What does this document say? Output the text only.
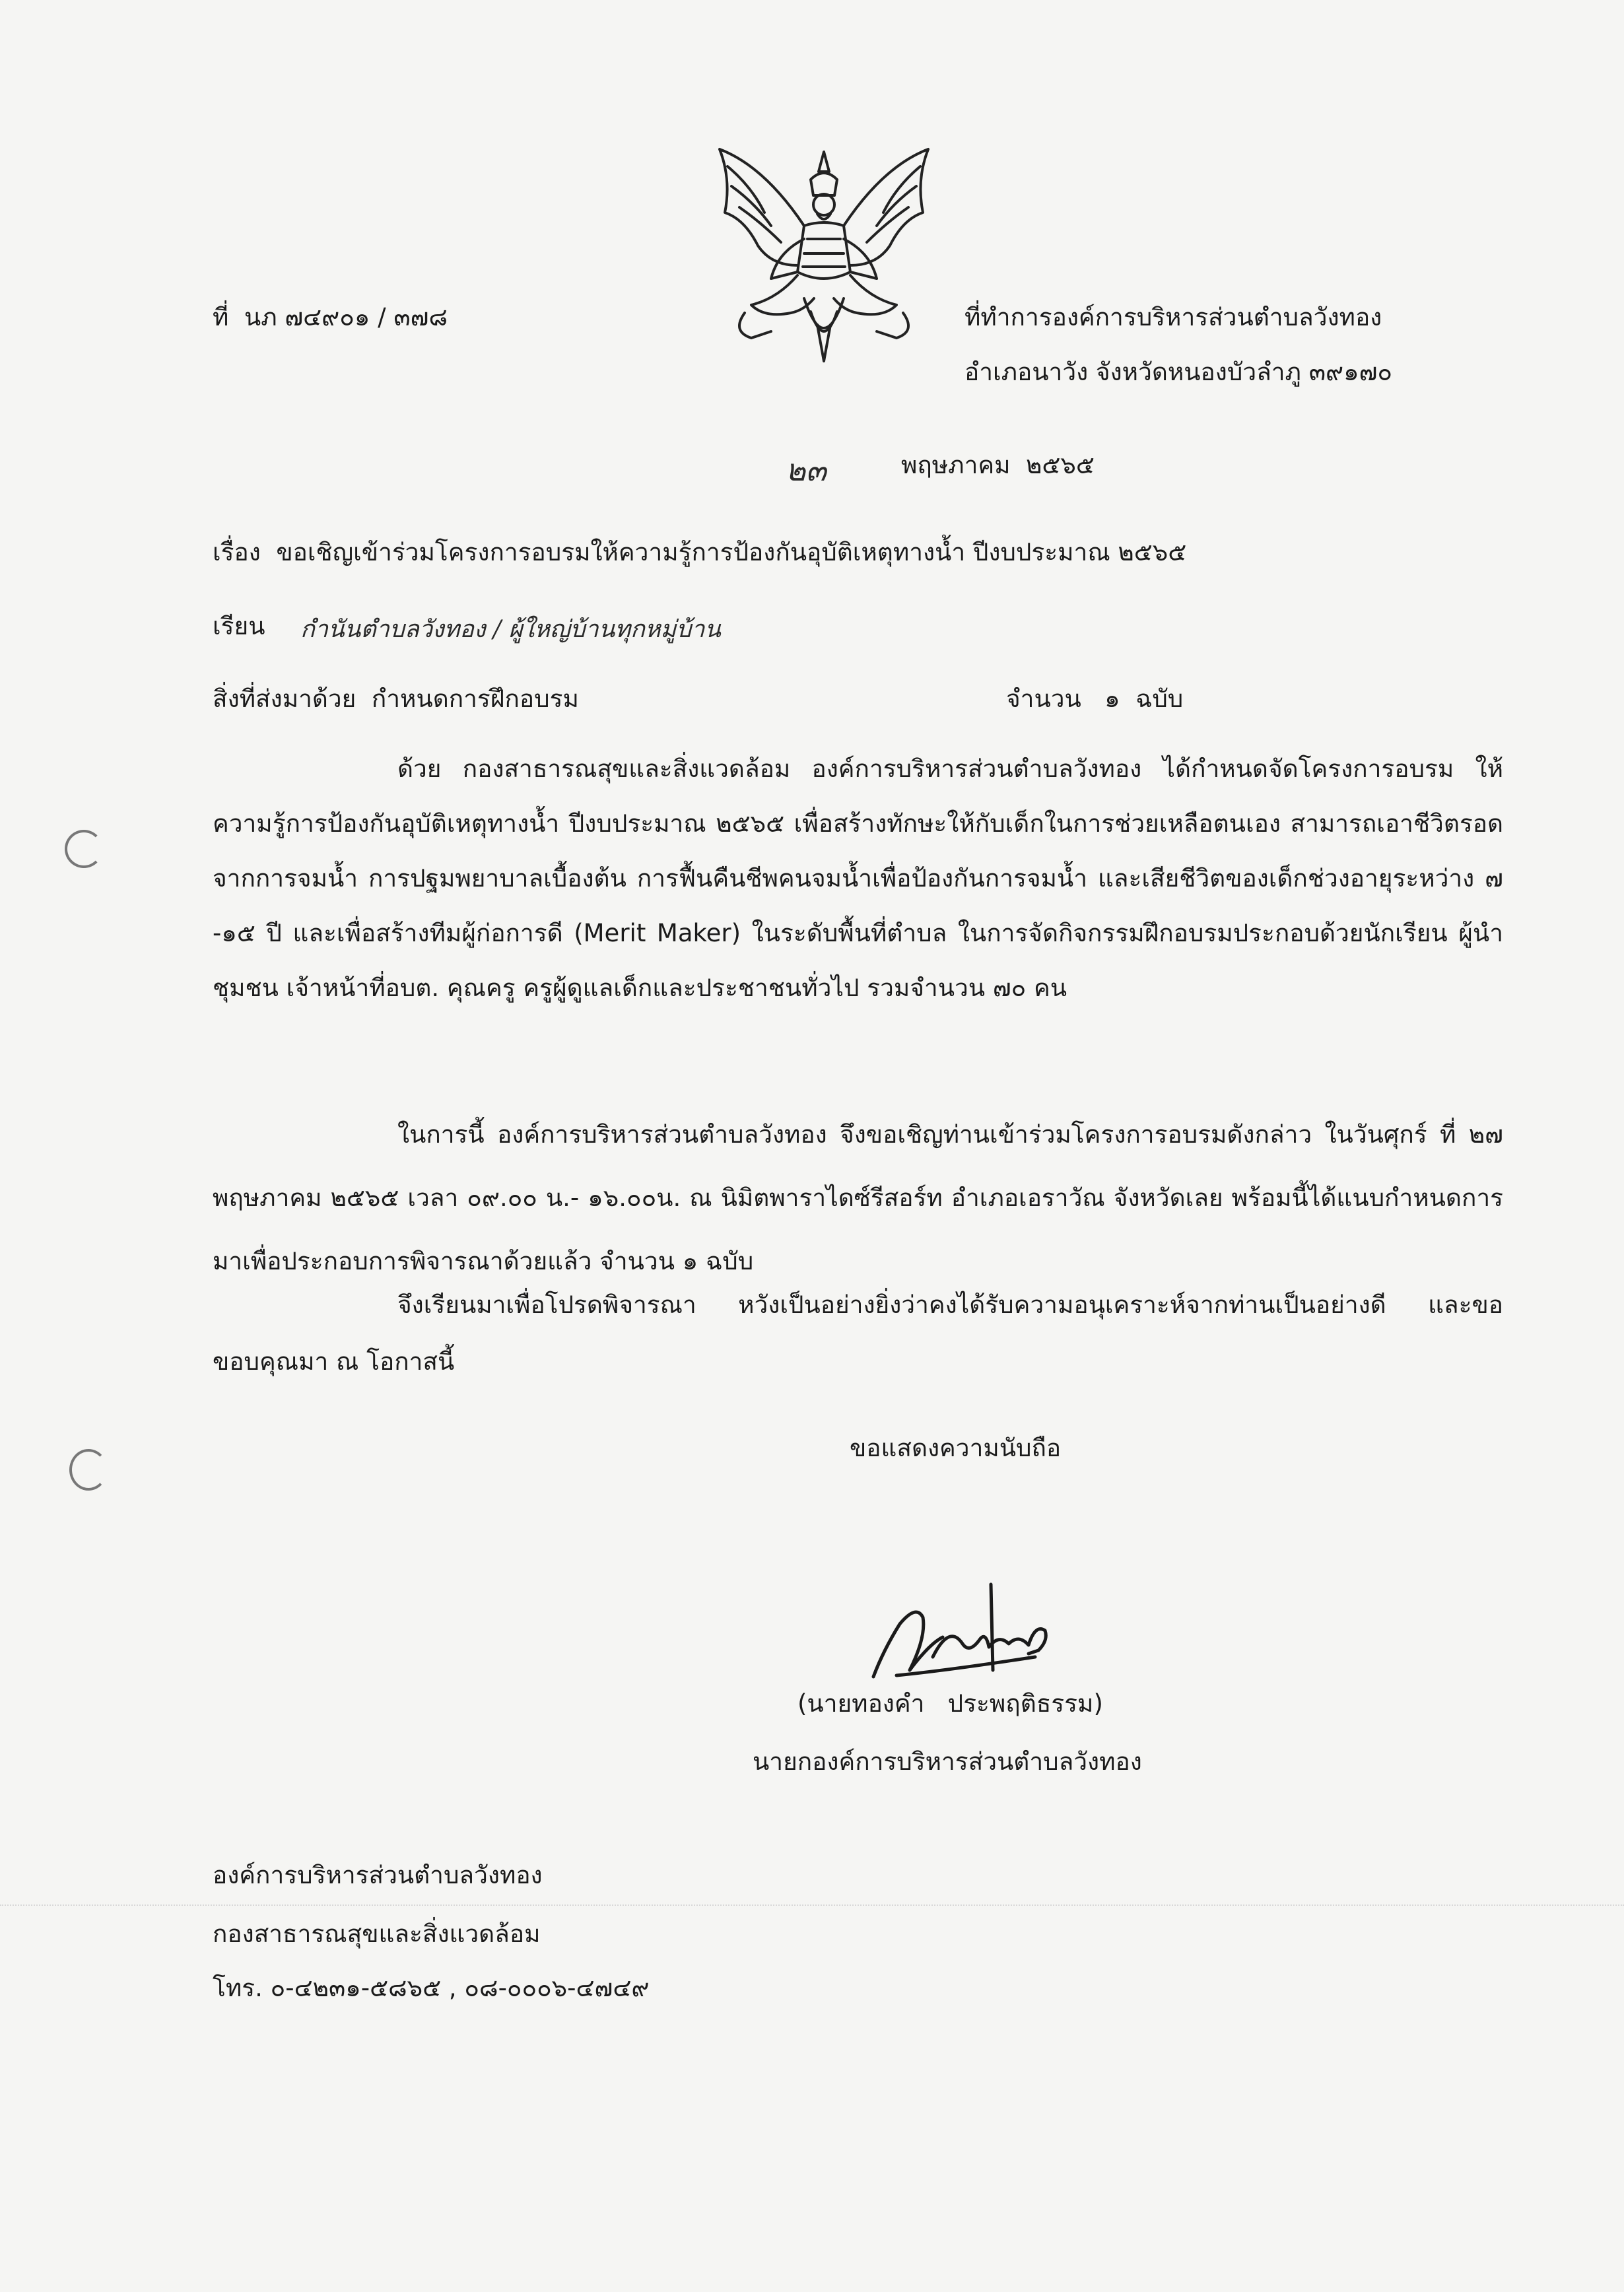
ที่  นภ ๗๔๙๐๑ / ๓๗๘	ที่ทำการองค์การบริหารส่วนตำบลวังทอง
อำเภอนาวัง จังหวัดหนองบัวลำภู ๓๙๑๗๐
๒๓	พฤษภาคม  ๒๕๖๕
เรื่อง  ขอเชิญเข้าร่วมโครงการอบรมให้ความรู้การป้องกันอุบัติเหตุทางน้ำ ปีงบประมาณ ๒๕๖๕
เรียน กำนันตำบลวังทอง / ผู้ใหญ่บ้านทุกหมู่บ้าน
สิ่งที่ส่งมาด้วย  กำหนดการฝึกอบรม	จำนวน   ๑  ฉบับ

ด้วย กองสาธารณสุขและสิ่งแวดล้อม องค์การบริหารส่วนตำบลวังทอง ได้กำหนดจัดโครงการอบรม ให้ความรู้การป้องกันอุบัติเหตุทางน้ำ ปีงบประมาณ ๒๕๖๕ เพื่อสร้างทักษะให้กับเด็กในการช่วยเหลือตนเอง สามารถเอาชีวิตรอดจากการจมน้ำ การปฐมพยาบาลเบื้องต้น การฟื้นคืนชีพคนจมน้ำเพื่อป้องกันการจมน้ำ และเสียชีวิตของเด็กช่วงอายุระหว่าง ๗ -๑๕ ปี และเพื่อสร้างทีมผู้ก่อการดี (Merit Maker) ในระดับพื้นที่ตำบล ในการจัดกิจกรรมฝึกอบรมประกอบด้วยนักเรียน ผู้นำชุมชน เจ้าหน้าที่อบต. คุณครู ครูผู้ดูแลเด็กและประชาชนทั่วไป รวมจำนวน ๗๐ คน

ในการนี้ องค์การบริหารส่วนตำบลวังทอง จึงขอเชิญท่านเข้าร่วมโครงการอบรมดังกล่าว ในวันศุกร์ ที่ ๒๗ พฤษภาคม ๒๕๖๕ เวลา ๐๙.๐๐ น.- ๑๖.๐๐น. ณ นิมิตพาราไดซ์รีสอร์ท อำเภอเอราวัณ จังหวัดเลย พร้อมนี้ได้แนบกำหนดการมาเพื่อประกอบการพิจารณาด้วยแล้ว จำนวน ๑ ฉบับ

จึงเรียนมาเพื่อโปรดพิจารณา หวังเป็นอย่างยิ่งว่าคงได้รับความอนุเคราะห์จากท่านเป็นอย่างดี และขอขอบคุณมา ณ โอกาสนี้

ขอแสดงความนับถือ
(นายทองคำ   ประพฤติธรรม)
นายกองค์การบริหารส่วนตำบลวังทอง
องค์การบริหารส่วนตำบลวังทอง
กองสาธารณสุขและสิ่งแวดล้อม
โทร. ๐-๔๒๓๑-๕๘๖๕ , ๐๘-๐๐๐๖-๔๗๔๙
